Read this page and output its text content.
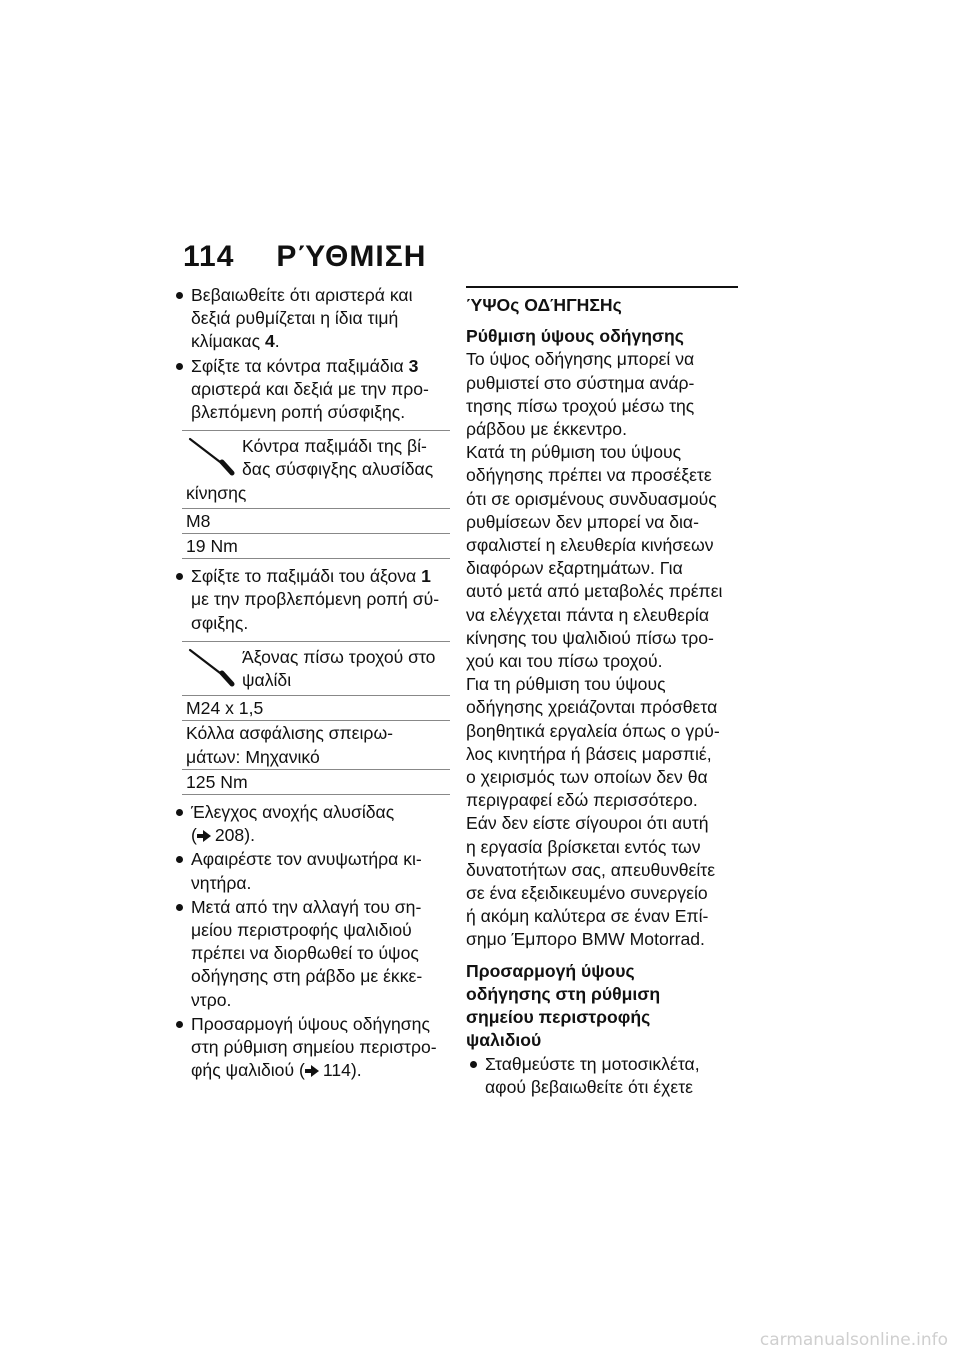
114 ΡΎΘΜΙΣΗ

Βεβαιωθείτε ότι αριστερά και
δεξιά ρυθμίζεται η ίδια τιμή
κλίμακας 4.

Σφίξτε τα κόντρα παξιμάδια 3
αριστερά και δεξιά με την προ-
βλεπόμενη ροπή σύσφιξης.

Κόντρα παξιμάδι της βί-
δας σύσφιγξης αλυσίδας
κίνησης
M8
19 Nm

Σφίξτε το παξιμάδι του άξονα 1
με την προβλεπόμενη ροπή σύ-
σφιξης.

Άξονας πίσω τροχού στο
ψαλίδι
M24 x 1,5
Κόλλα ασφάλισης σπειρω-
μάτων: Μηχανικό
125 Nm

Έλεγχος ανοχής αλυσίδας
( 208).

Αφαιρέστε τον ανυψωτήρα κι-
νητήρα.

Μετά από την αλλαγή του ση-
μείου περιστροφής ψαλιδιού
πρέπει να διορθωθεί το ύψος
οδήγησης στη ράβδο με έκκε-
ντρο.

Προσαρμογή ύψους οδήγησης
στη ρύθμιση σημείου περιστρο-
φής ψαλιδιού ( 114).

ΎΨΟς ΟΔΉΓΗΣΗς

Ρύθμιση ύψους οδήγησης

Το ύψος οδήγησης μπορεί να
ρυθμιστεί στο σύστημα ανάρ-
τησης πίσω τροχού μέσω της
ράβδου με έκκεντρο.
Κατά τη ρύθμιση του ύψους
οδήγησης πρέπει να προσέξετε
ότι σε ορισμένους συνδυασμούς
ρυθμίσεων δεν μπορεί να δια-
σφαλιστεί η ελευθερία κινήσεων
διαφόρων εξαρτημάτων. Για
αυτό μετά από μεταβολές πρέπει
να ελέγχεται πάντα η ελευθερία
κίνησης του ψαλιδιού πίσω τρο-
χού και του πίσω τροχού.
Για τη ρύθμιση του ύψους
οδήγησης χρειάζονται πρόσθετα
βοηθητικά εργαλεία όπως ο γρύ-
λος κινητήρα ή βάσεις μαρσπιέ,
ο χειρισμός των οποίων δεν θα
περιγραφεί εδώ περισσότερο.
Εάν δεν είστε σίγουροι ότι αυτή
η εργασία βρίσκεται εντός των
δυνατοτήτων σας, απευθυνθείτε
σε ένα εξειδικευμένο συνεργείο
ή ακόμη καλύτερα σε έναν Επί-
σημο Έμπορο BMW Motorrad.

Προσαρμογή ύψους
οδήγησης στη ρύθμιση
σημείου περιστροφής
ψαλιδιού

Σταθμεύστε τη μοτοσικλέτα,
αφού βεβαιωθείτε ότι έχετε

carmanualsonline.info
